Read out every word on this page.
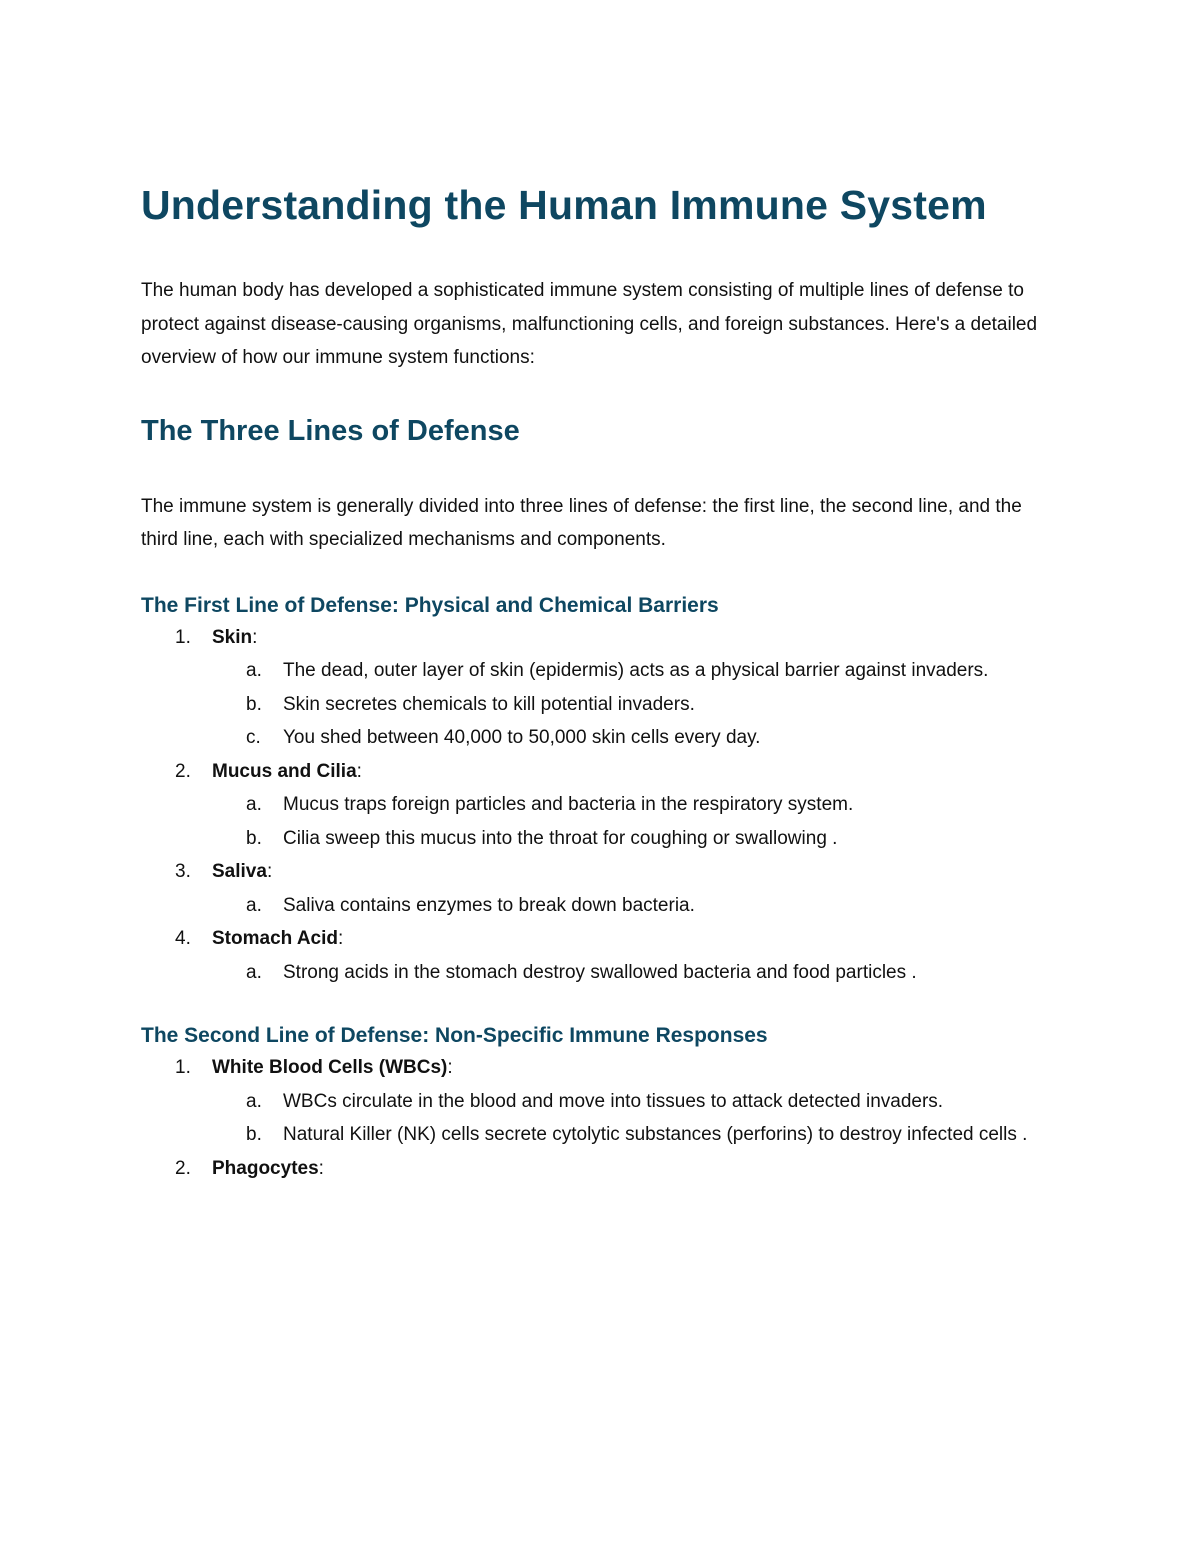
Understanding the Human Immune System

The human body has developed a sophisticated immune system consisting of multiple lines of defense to protect against disease-causing organisms, malfunctioning cells, and foreign substances. Here's a detailed overview of how our immune system functions:

The Three Lines of Defense

The immune system is generally divided into three lines of defense: the first line, the second line, and the third line, each with specialized mechanisms and components.

The First Line of Defense: Physical and Chemical Barriers
1. Skin:
a. The dead, outer layer of skin (epidermis) acts as a physical barrier against invaders.
b. Skin secretes chemicals to kill potential invaders.
c. You shed between 40,000 to 50,000 skin cells every day.
2. Mucus and Cilia:
a. Mucus traps foreign particles and bacteria in the respiratory system.
b. Cilia sweep this mucus into the throat for coughing or swallowing .
3. Saliva:
a. Saliva contains enzymes to break down bacteria.
4. Stomach Acid:
a. Strong acids in the stomach destroy swallowed bacteria and food particles .
The Second Line of Defense: Non-Specific Immune Responses
1. White Blood Cells (WBCs):
a. WBCs circulate in the blood and move into tissues to attack detected invaders.
b. Natural Killer (NK) cells secrete cytolytic substances (perforins) to destroy infected cells .
2. Phagocytes:
